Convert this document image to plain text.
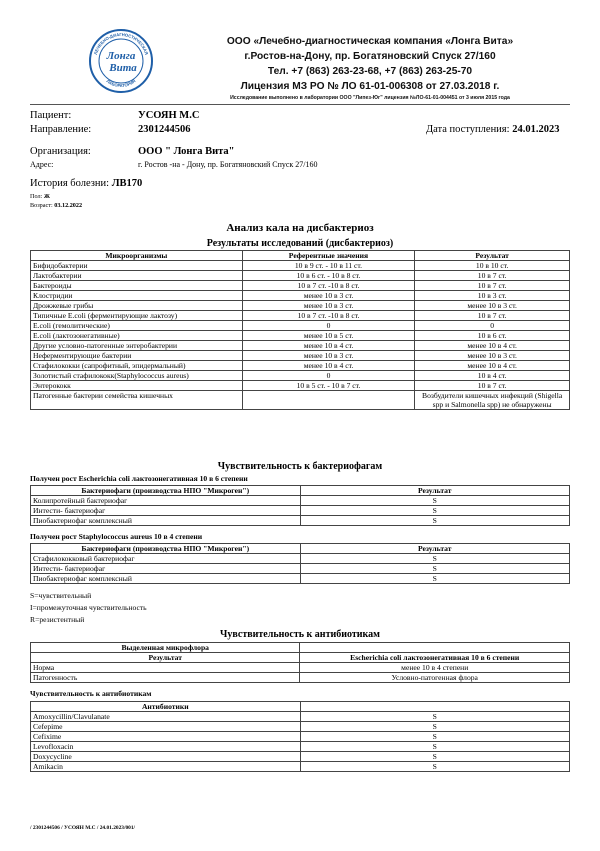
ЛЕЧЕБНО-ДИАГНОСТИЧЕСКАЯ
ЛАБОРАТОРИЯ
Лонга
Вита
ООО «Лечебно-диагностическая компания «Лонга Вита»
г.Ростов-на-Дону, пр. Богатяновский Спуск 27/160
Тел. +7 (863) 263-23-68, +7 (863) 263-25-70
Лицензия МЗ РО № ЛО 61-01-006308 от 27.03.2018 г.
Исследование выполнено в лаборатории ООО "Липез-Юг" лицензия №ЛО-61-01-004451 от 3 июля 2015 года
Пациент:	УСОЯН М.С
Направление:	2301244506	Дата поступления: 24.01.2023
Организация:	ООО " Лонга Вита"
Адрес:	г. Ростов -на - Дону, пр. Богатяновский Спуск 27/160
История болезни: ЛВ170
Пол: Ж
Возраст: 03.12.2022
Анализ кала на дисбактериоз
Результаты исследований (дисбактериоз)
Микроорганизмы	Референтные значения	Результат
Бифидобактерии	10 в 9 ст. - 10 в 11 ст.	10 в 10 ст.
Лактобактерии	10 в 6 ст. - 10 в 8 ст.	10 в 7 ст.
Бактероиды	10 в 7 ст. -10 в 8 ст.	10 в 7 ст.
Клостридии	менее 10 в 3 ст.	10 в 3 ст.
Дрожжевые грибы	менее 10 в 3 ст.	менее 10 в 3 ст.
Типичные E.coli (ферментирующие лактозу)	10 в 7 ст. -10 в 8 ст.	10 в 7 ст.
E.coli (гемолитические)	0	0
E.coli (лактозонегативные)	менее 10 в 5 ст.	10 в 6 ст.
Другие условно-патогенные энтеробактерии	менее 10 в 4 ст.	менее 10 в 4 ст.
Неферментирующие бактерии	менее 10 в 3 ст.	менее 10 в 3 ст.
Стафилококки (сапрофитный, эпидермальный)	менее 10 в 4 ст.	менее 10 в 4 ст.
Золотистый стафилококк(Staphylococcus aureus)	0	10 в 4 ст.
Энтерококк	10 в 5 ст. - 10 в 7 ст.	10 в 7 ст.
Патогенные бактерии семейства кишечных		Возбудители кишечных инфекций (Shigella spp и Salmonella spp) не обнаружены
Чувствительность к бактериофагам
Получен рост Escherichia coli лактозонегативная 10 в 6 степени
Бактериофаги (производства НПО "Микроген")	Результат
Колипротейный бактериофаг	S
Интести- бактериофаг	S
Пиобактериофаг комплексный	S
Получен рост Staphylococcus aureus 10 в 4 степени
Бактериофаги (производства НПО "Микроген")	Результат
Стафилококковый бактериофаг	S
Интести- бактериофаг	S
Пиобактериофаг комплексный	S
S=чувствительный
I=промежуточная чувствительность
R=резистентный
Чувствительность к антибиотикам
Выделенная микрофлора	
Результат	Escherichia coli лактозонегативная 10 в 6 степени
Норма	менее 10 в 4 степени
Патогенность	Условно-патогенная флора
Чувствительность к антибиотикам
Антибиотики	
Amoxycillin/Clavulanate	S
Cefepime	S
Cefixime	S
Levofloxacin	S
Doxycycline	S
Amikacin	S
/ 2301244506 / УСОЯН М.С / 24.01.2023/001/
